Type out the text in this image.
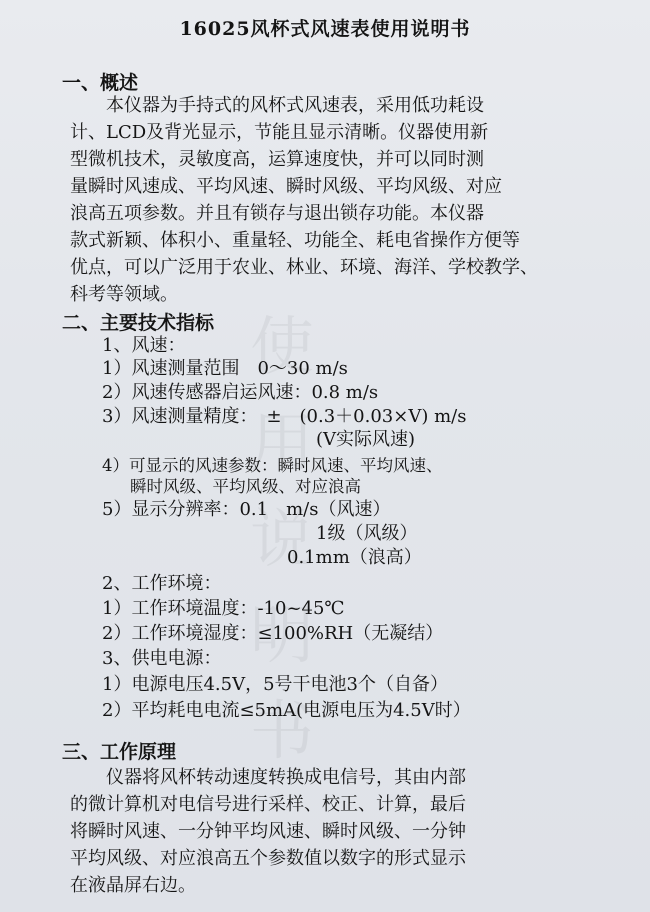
使
用
说
明
书
16025风杯式风速表使用说明书
一、概述
本仪器为手持式的风杯式风速表，采用低功耗设
计、LCD及背光显示，节能且显示清晰。仪器使用新
型微机技术，灵敏度高，运算速度快，并可以同时测
量瞬时风速成、平均风速、瞬时风级、平均风级、对应
浪高五项参数。并且有锁存与退出锁存功能。本仪器
款式新颖、体积小、重量轻、功能全、耗电省操作方便等
优点，可以广泛用于农业、林业、环境、海洋、学校教学、
科考等领域。
二、主要技术指标
1、风速：
1）风速测量范围　0～30 m/s
2）风速传感器启运风速：0.8 m/s
3）风速测量精度：　±　(0.3＋0.03×V) m/s
(V实际风速)
4）可显示的风速参数：瞬时风速、平均风速、
瞬时风级、平均风级、对应浪高
5）显示分辨率：0.1　m/s（风速）
1级（风级）
0.1mm（浪高）
2、工作环境：
1）工作环境温度：-10~45℃
2）工作环境湿度：≤100%RH（无凝结）
3、供电电源：
1）电源电压4.5V，5号干电池3个（自备）
2）平均耗电电流≤5mA(电源电压为4.5V时）
三、工作原理
仪器将风杯转动速度转换成电信号，其由内部
的微计算机对电信号进行采样、校正、计算，最后
将瞬时风速、一分钟平均风速、瞬时风级、一分钟
平均风级、对应浪高五个参数值以数字的形式显示
在液晶屏右边。
